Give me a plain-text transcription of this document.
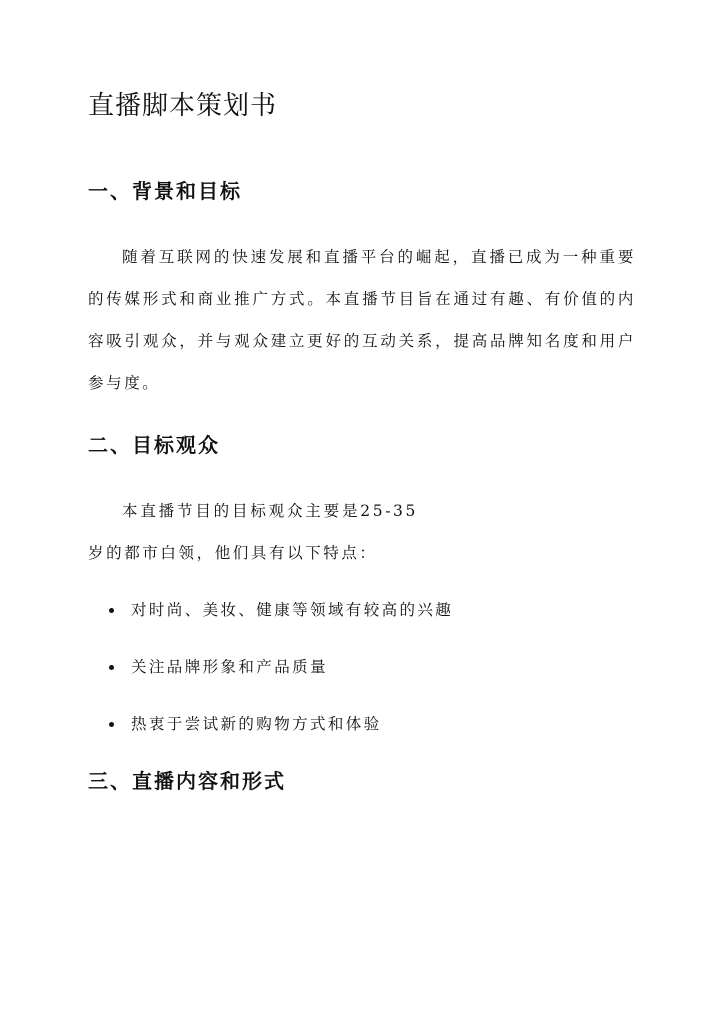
直播脚本策划书
一、背景和目标

随着互联网的快速发展和直播平台的崛起，直播已成为一种重要的传媒形式和商业推广方式。本直播节目旨在通过有趣、有价值的内容吸引观众，并与观众建立更好的互动关系，提高品牌知名度和用户参与度。

二、目标观众

本直播节目的目标观众主要是25-35岁的都市白领，他们具有以下特点：

对时尚、美妆、健康等领域有较高的兴趣
关注品牌形象和产品质量
热衷于尝试新的购物方式和体验
三、直播内容和形式
